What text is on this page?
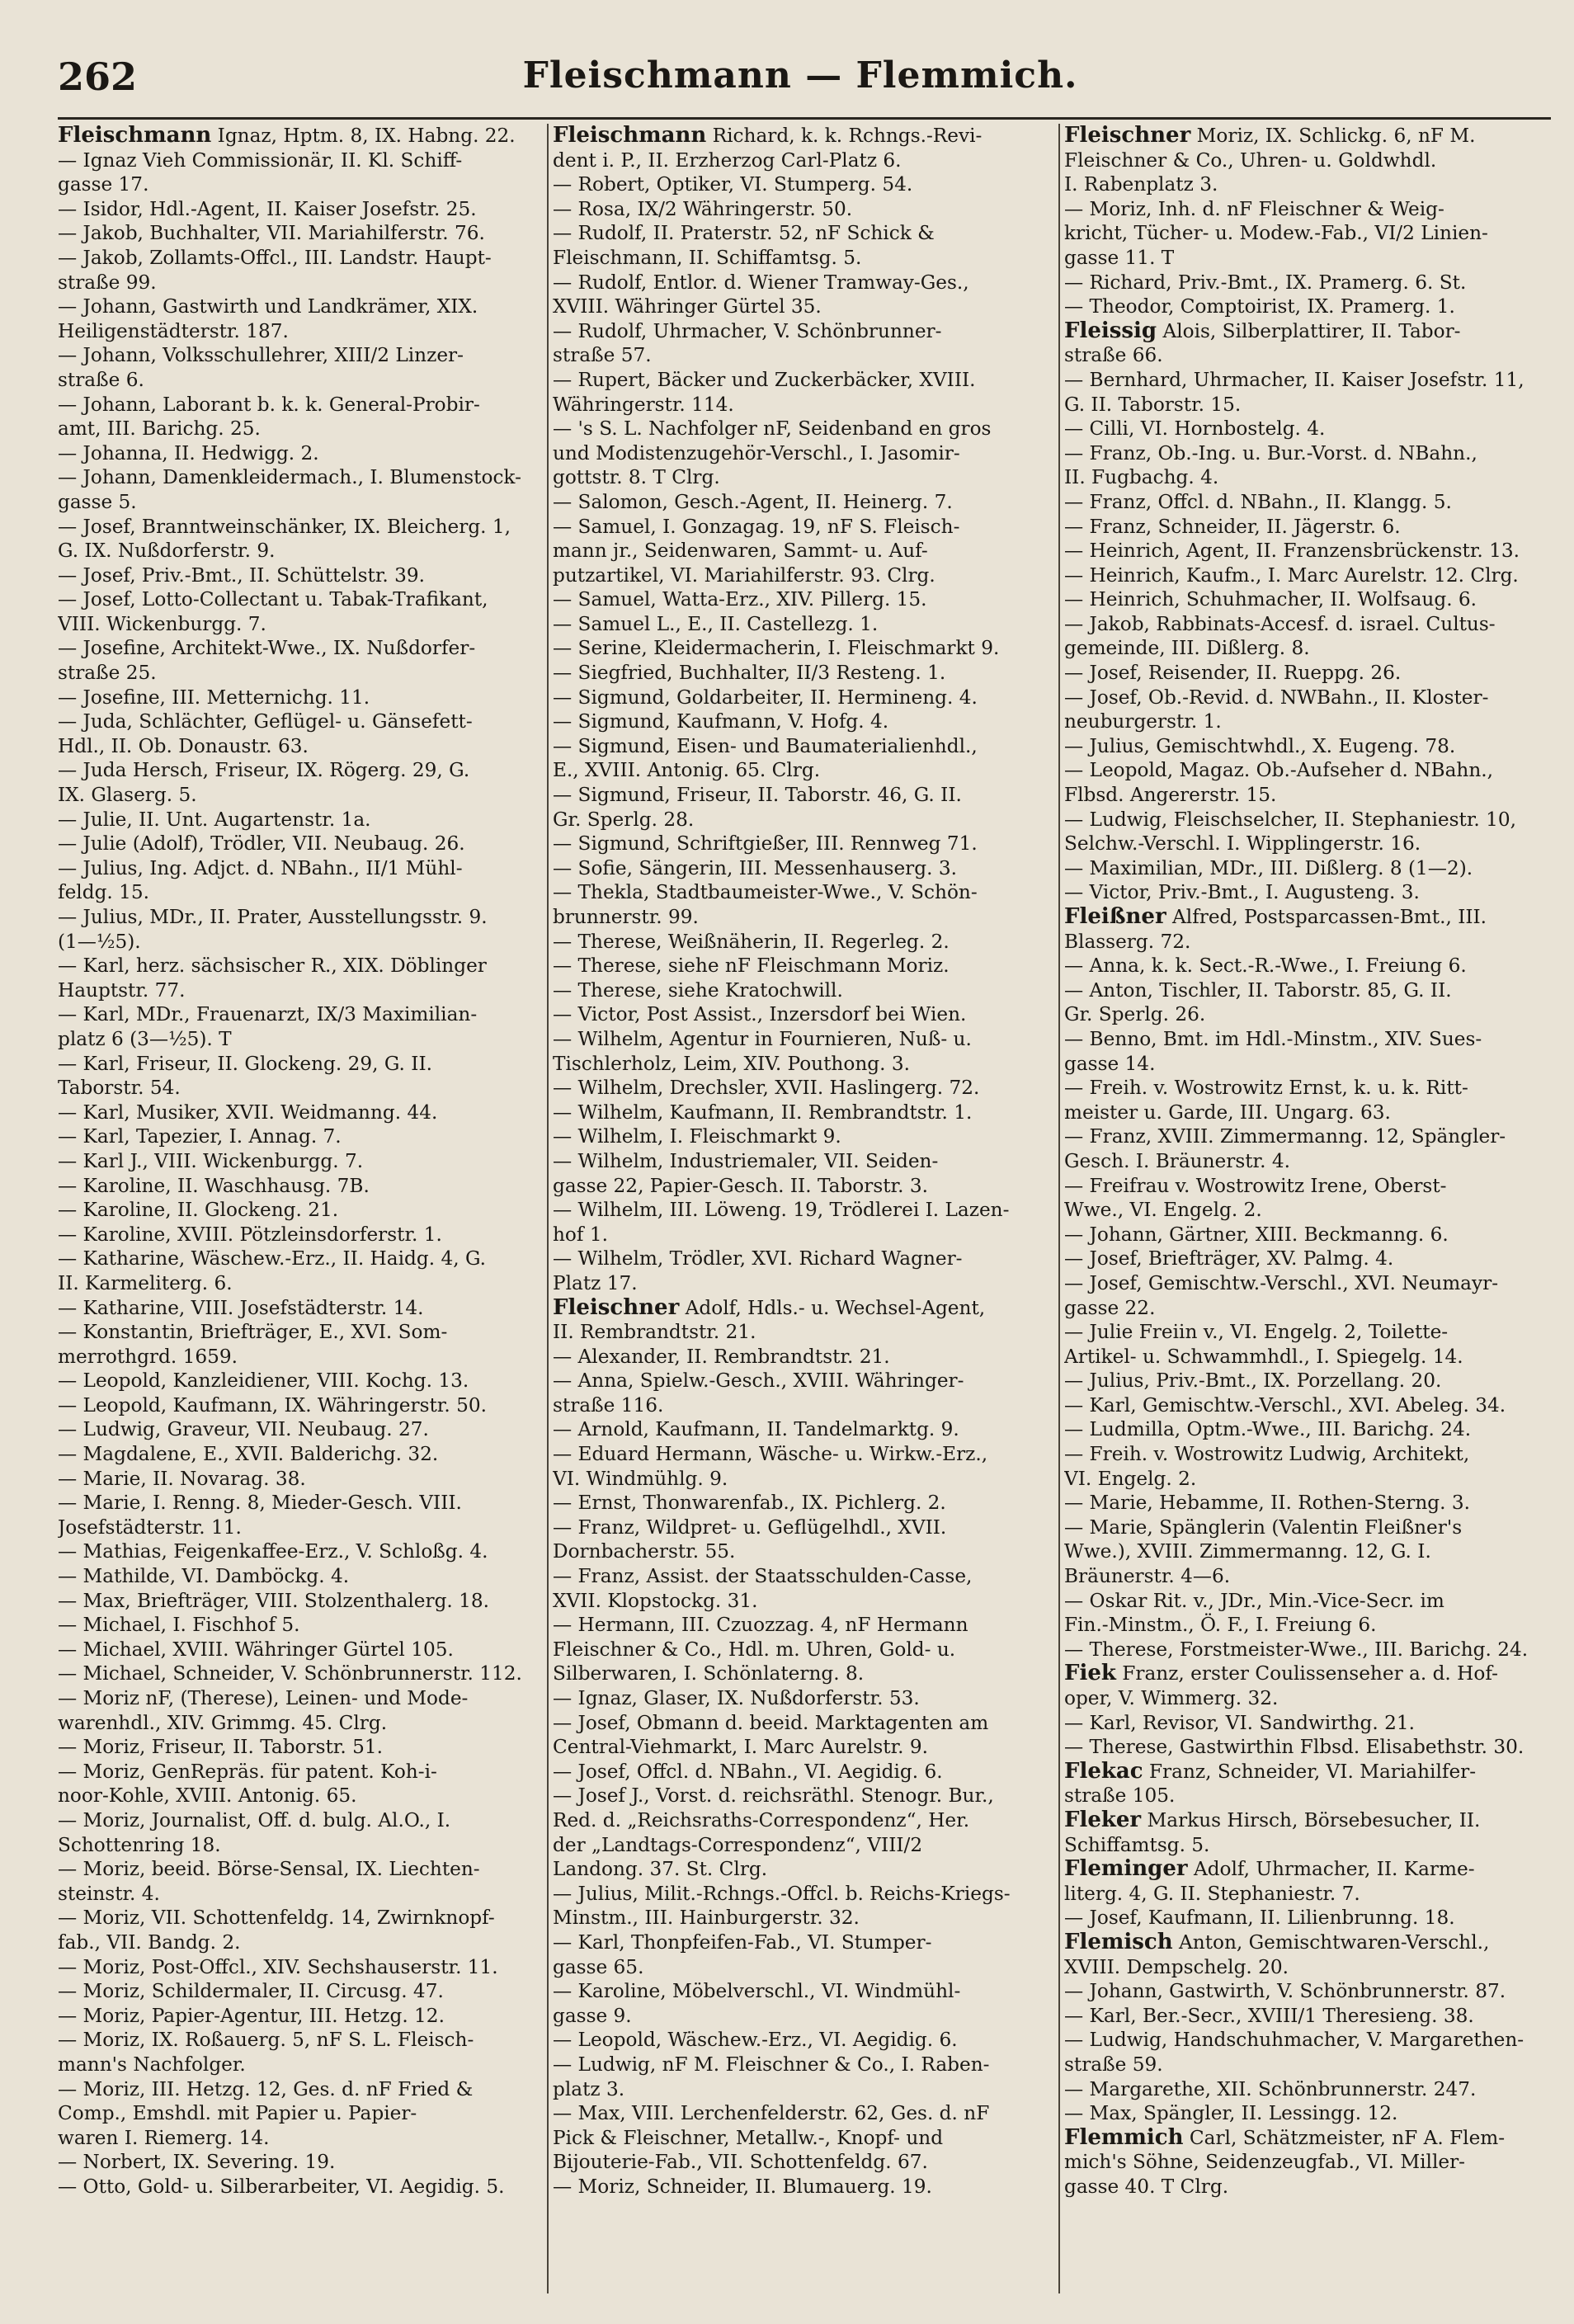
262	Fleischmann — Flemmich.
Fleischmann Ignaz, Hptm. 8, IX. Habng. 22.
— Ignaz Vieh Commissionär, II. Kl. Schiff-
gasse 17.
— Isidor, Hdl.-Agent, II. Kaiser Josefstr. 25.
— Jakob, Buchhalter, VII. Mariahilferstr. 76.
— Jakob, Zollamts-Offcl., III. Landstr. Haupt-
straße 99.
— Johann, Gastwirth und Landkrämer, XIX.
Heiligenstädterstr. 187.
— Johann, Volksschullehrer, XIII/2 Linzer-
straße 6.
— Johann, Laborant b. k. k. General-Probir-
amt, III. Barichg. 25.
— Johanna, II. Hedwigg. 2.
— Johann, Damenkleidermach., I. Blumenstock-
gasse 5.
— Josef, Branntweinschänker, IX. Bleicherg. 1,
G. IX. Nußdorferstr. 9.
— Josef, Priv.-Bmt., II. Schüttelstr. 39.
— Josef, Lotto-Collectant u. Tabak-Trafikant,
VIII. Wickenburgg. 7.
— Josefine, Architekt-Wwe., IX. Nußdorfer-
straße 25.
— Josefine, III. Metternichg. 11.
— Juda, Schlächter, Geflügel- u. Gänsefett-
Hdl., II. Ob. Donaustr. 63.
— Juda Hersch, Friseur, IX. Rögerg. 29, G.
IX. Glaserg. 5.
— Julie, II. Unt. Augartenstr. 1a.
— Julie (Adolf), Trödler, VII. Neubaug. 26.
— Julius, Ing. Adjct. d. NBahn., II/1 Mühl-
feldg. 15.
— Julius, MDr., II. Prater, Ausstellungsstr. 9.
(1—½5).
— Karl, herz. sächsischer R., XIX. Döblinger
Hauptstr. 77.
— Karl, MDr., Frauenarzt, IX/3 Maximilian-
platz 6 (3—½5). T
— Karl, Friseur, II. Glockeng. 29, G. II.
Taborstr. 54.
— Karl, Musiker, XVII. Weidmanng. 44.
— Karl, Tapezier, I. Annag. 7.
— Karl J., VIII. Wickenburgg. 7.
— Karoline, II. Waschhausg. 7B.
— Karoline, II. Glockeng. 21.
— Karoline, XVIII. Pötzleinsdorferstr. 1.
— Katharine, Wäschew.-Erz., II. Haidg. 4, G.
II. Karmeliterg. 6.
— Katharine, VIII. Josefstädterstr. 14.
— Konstantin, Briefträger, E., XVI. Som-
merrothgrd. 1659.
— Leopold, Kanzleidiener, VIII. Kochg. 13.
— Leopold, Kaufmann, IX. Währingerstr. 50.
— Ludwig, Graveur, VII. Neubaug. 27.
— Magdalene, E., XVII. Balderichg. 32.
— Marie, II. Novarag. 38.
— Marie, I. Renng. 8, Mieder-Gesch. VIII.
Josefstädterstr. 11.
— Mathias, Feigenkaffee-Erz., V. Schloßg. 4.
— Mathilde, VI. Damböckg. 4.
— Max, Briefträger, VIII. Stolzenthalerg. 18.
— Michael, I. Fischhof 5.
— Michael, XVIII. Währinger Gürtel 105.
— Michael, Schneider, V. Schönbrunnerstr. 112.
— Moriz nF, (Therese), Leinen- und Mode-
warenhdl., XIV. Grimmg. 45. Clrg.
— Moriz, Friseur, II. Taborstr. 51.
— Moriz, GenRepräs. für patent. Koh-i-
noor-Kohle, XVIII. Antonig. 65.
— Moriz, Journalist, Off. d. bulg. Al.O., I.
Schottenring 18.
— Moriz, beeid. Börse-Sensal, IX. Liechten-
steinstr. 4.
— Moriz, VII. Schottenfeldg. 14, Zwirnknopf-
fab., VII. Bandg. 2.
— Moriz, Post-Offcl., XIV. Sechshauserstr. 11.
— Moriz, Schildermaler, II. Circusg. 47.
— Moriz, Papier-Agentur, III. Hetzg. 12.
— Moriz, IX. Roßauerg. 5, nF S. L. Fleisch-
mann's Nachfolger.
— Moriz, III. Hetzg. 12, Ges. d. nF Fried &
Comp., Emshdl. mit Papier u. Papier-
waren I. Riemerg. 14.
— Norbert, IX. Severing. 19.
— Otto, Gold- u. Silberarbeiter, VI. Aegidig. 5.
Fleischmann Richard, k. k. Rchngs.-Revi-
dent i. P., II. Erzherzog Carl-Platz 6.
— Robert, Optiker, VI. Stumperg. 54.
— Rosa, IX/2 Währingerstr. 50.
— Rudolf, II. Praterstr. 52, nF Schick &
Fleischmann, II. Schiffamtsg. 5.
— Rudolf, Entlor. d. Wiener Tramway-Ges.,
XVIII. Währinger Gürtel 35.
— Rudolf, Uhrmacher, V. Schönbrunner-
straße 57.
— Rupert, Bäcker und Zuckerbäcker, XVIII.
Währingerstr. 114.
— 's S. L. Nachfolger nF, Seidenband en gros
und Modistenzugehör-Verschl., I. Jasomir-
gottstr. 8. T Clrg.
— Salomon, Gesch.-Agent, II. Heinerg. 7.
— Samuel, I. Gonzagag. 19, nF S. Fleisch-
mann jr., Seidenwaren, Sammt- u. Auf-
putzartikel, VI. Mariahilferstr. 93. Clrg.
— Samuel, Watta-Erz., XIV. Pillerg. 15.
— Samuel L., E., II. Castellezg. 1.
— Serine, Kleidermacherin, I. Fleischmarkt 9.
— Siegfried, Buchhalter, II/3 Resteng. 1.
— Sigmund, Goldarbeiter, II. Hermineng. 4.
— Sigmund, Kaufmann, V. Hofg. 4.
— Sigmund, Eisen- und Baumaterialienhdl.,
E., XVIII. Antonig. 65. Clrg.
— Sigmund, Friseur, II. Taborstr. 46, G. II.
Gr. Sperlg. 28.
— Sigmund, Schriftgießer, III. Rennweg 71.
— Sofie, Sängerin, III. Messenhauserg. 3.
— Thekla, Stadtbaumeister-Wwe., V. Schön-
brunnerstr. 99.
— Therese, Weißnäherin, II. Regerleg. 2.
— Therese, siehe nF Fleischmann Moriz.
— Therese, siehe Kratochwill.
— Victor, Post Assist., Inzersdorf bei Wien.
— Wilhelm, Agentur in Fournieren, Nuß- u.
Tischlerholz, Leim, XIV. Pouthong. 3.
— Wilhelm, Drechsler, XVII. Haslingerg. 72.
— Wilhelm, Kaufmann, II. Rembrandtstr. 1.
— Wilhelm, I. Fleischmarkt 9.
— Wilhelm, Industriemaler, VII. Seiden-
gasse 22, Papier-Gesch. II. Taborstr. 3.
— Wilhelm, III. Löweng. 19, Trödlerei I. Lazen-
hof 1.
— Wilhelm, Trödler, XVI. Richard Wagner-
Platz 17.
Fleischner Adolf, Hdls.- u. Wechsel-Agent,
II. Rembrandtstr. 21.
— Alexander, II. Rembrandtstr. 21.
— Anna, Spielw.-Gesch., XVIII. Währinger-
straße 116.
— Arnold, Kaufmann, II. Tandelmarktg. 9.
— Eduard Hermann, Wäsche- u. Wirkw.-Erz.,
VI. Windmühlg. 9.
— Ernst, Thonwarenfab., IX. Pichlerg. 2.
— Franz, Wildpret- u. Geflügelhdl., XVII.
Dornbacherstr. 55.
— Franz, Assist. der Staatsschulden-Casse,
XVII. Klopstockg. 31.
— Hermann, III. Czuozzag. 4, nF Hermann
Fleischner & Co., Hdl. m. Uhren, Gold- u.
Silberwaren, I. Schönlaterng. 8.
— Ignaz, Glaser, IX. Nußdorferstr. 53.
— Josef, Obmann d. beeid. Marktagenten am
Central-Viehmarkt, I. Marc Aurelstr. 9.
— Josef, Offcl. d. NBahn., VI. Aegidig. 6.
— Josef J., Vorst. d. reichsräthl. Stenogr. Bur.,
Red. d. „Reichsraths-Correspondenz“, Her.
der „Landtags-Correspondenz“, VIII/2
Landong. 37. St. Clrg.
— Julius, Milit.-Rchngs.-Offcl. b. Reichs-Kriegs-
Minstm., III. Hainburgerstr. 32.
— Karl, Thonpfeifen-Fab., VI. Stumper-
gasse 65.
— Karoline, Möbelverschl., VI. Windmühl-
gasse 9.
— Leopold, Wäschew.-Erz., VI. Aegidig. 6.
— Ludwig, nF M. Fleischner & Co., I. Raben-
platz 3.
— Max, VIII. Lerchenfelderstr. 62, Ges. d. nF
Pick & Fleischner, Metallw.-, Knopf- und
Bijouterie-Fab., VII. Schottenfeldg. 67.
— Moriz, Schneider, II. Blumauerg. 19.
Fleischner Moriz, IX. Schlickg. 6, nF M.
Fleischner & Co., Uhren- u. Goldwhdl.
I. Rabenplatz 3.
— Moriz, Inh. d. nF Fleischner & Weig-
kricht, Tücher- u. Modew.-Fab., VI/2 Linien-
gasse 11. T
— Richard, Priv.-Bmt., IX. Pramerg. 6. St.
— Theodor, Comptoirist, IX. Pramerg. 1.
Fleissig Alois, Silberplattirer, II. Tabor-
straße 66.
— Bernhard, Uhrmacher, II. Kaiser Josefstr. 11,
G. II. Taborstr. 15.
— Cilli, VI. Hornbostelg. 4.
— Franz, Ob.-Ing. u. Bur.-Vorst. d. NBahn.,
II. Fugbachg. 4.
— Franz, Offcl. d. NBahn., II. Klangg. 5.
— Franz, Schneider, II. Jägerstr. 6.
— Heinrich, Agent, II. Franzensbrückenstr. 13.
— Heinrich, Kaufm., I. Marc Aurelstr. 12. Clrg.
— Heinrich, Schuhmacher, II. Wolfsaug. 6.
— Jakob, Rabbinats-Accesf. d. israel. Cultus-
gemeinde, III. Dißlerg. 8.
— Josef, Reisender, II. Rueppg. 26.
— Josef, Ob.-Revid. d. NWBahn., II. Kloster-
neuburgerstr. 1.
— Julius, Gemischtwhdl., X. Eugeng. 78.
— Leopold, Magaz. Ob.-Aufseher d. NBahn.,
Flbsd. Angererstr. 15.
— Ludwig, Fleischselcher, II. Stephaniestr. 10,
Selchw.-Verschl. I. Wipplingerstr. 16.
— Maximilian, MDr., III. Dißlerg. 8 (1—2).
— Victor, Priv.-Bmt., I. Augusteng. 3.
Fleißner Alfred, Postsparcassen-Bmt., III.
Blasserg. 72.
— Anna, k. k. Sect.-R.-Wwe., I. Freiung 6.
— Anton, Tischler, II. Taborstr. 85, G. II.
Gr. Sperlg. 26.
— Benno, Bmt. im Hdl.-Minstm., XIV. Sues-
gasse 14.
— Freih. v. Wostrowitz Ernst, k. u. k. Ritt-
meister u. Garde, III. Ungarg. 63.
— Franz, XVIII. Zimmermanng. 12, Spängler-
Gesch. I. Bräunerstr. 4.
— Freifrau v. Wostrowitz Irene, Oberst-
Wwe., VI. Engelg. 2.
— Johann, Gärtner, XIII. Beckmanng. 6.
— Josef, Briefträger, XV. Palmg. 4.
— Josef, Gemischtw.-Verschl., XVI. Neumayr-
gasse 22.
— Julie Freiin v., VI. Engelg. 2, Toilette-
Artikel- u. Schwammhdl., I. Spiegelg. 14.
— Julius, Priv.-Bmt., IX. Porzellang. 20.
— Karl, Gemischtw.-Verschl., XVI. Abeleg. 34.
— Ludmilla, Optm.-Wwe., III. Barichg. 24.
— Freih. v. Wostrowitz Ludwig, Architekt,
VI. Engelg. 2.
— Marie, Hebamme, II. Rothen-Sterng. 3.
— Marie, Spänglerin (Valentin Fleißner's
Wwe.), XVIII. Zimmermanng. 12, G. I.
Bräunerstr. 4—6.
— Oskar Rit. v., JDr., Min.-Vice-Secr. im
Fin.-Minstm., Ö. F., I. Freiung 6.
— Therese, Forstmeister-Wwe., III. Barichg. 24.
Fiek Franz, erster Coulissenseher a. d. Hof-
oper, V. Wimmerg. 32.
— Karl, Revisor, VI. Sandwirthg. 21.
— Therese, Gastwirthin Flbsd. Elisabethstr. 30.
Flekac Franz, Schneider, VI. Mariahilfer-
straße 105.
Fleker Markus Hirsch, Börsebesucher, II.
Schiffamtsg. 5.
Fleminger Adolf, Uhrmacher, II. Karme-
literg. 4, G. II. Stephaniestr. 7.
— Josef, Kaufmann, II. Lilienbrunng. 18.
Flemisch Anton, Gemischtwaren-Verschl.,
XVIII. Dempschelg. 20.
— Johann, Gastwirth, V. Schönbrunnerstr. 87.
— Karl, Ber.-Secr., XVIII/1 Theresieng. 38.
— Ludwig, Handschuhmacher, V. Margarethen-
straße 59.
— Margarethe, XII. Schönbrunnerstr. 247.
— Max, Spängler, II. Lessingg. 12.
Flemmich Carl, Schätzmeister, nF A. Flem-
mich's Söhne, Seidenzeugfab., VI. Miller-
gasse 40. T Clrg.
